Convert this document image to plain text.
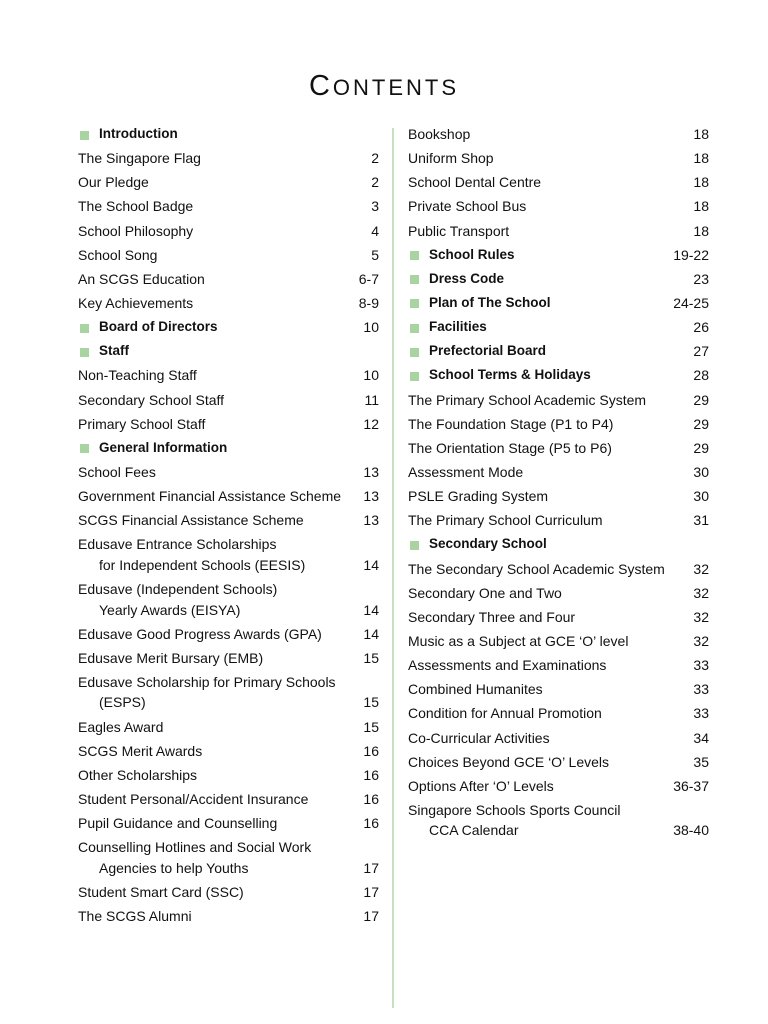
CONTENTS
Introduction
The Singapore Flag	2
Our Pledge	2
The School Badge	3
School Philosophy	4
School Song	5
An SCGS Education	6-7
Key Achievements	8-9
Board of Directors	10
Staff
Non-Teaching Staff	10
Secondary School Staff	11
Primary School Staff	12
General Information
School Fees	13
Government Financial Assistance Scheme 13
SCGS Financial Assistance Scheme	13
Edusave Entrance Scholarships
for Independent Schools (EESIS)	14
Edusave (Independent Schools)
Yearly Awards (EISYA)	14
Edusave Good Progress Awards (GPA)	14
Edusave Merit Bursary (EMB)	15
Edusave Scholarship for Primary Schools
(ESPS)	15
Eagles Award	15
SCGS Merit Awards	16
Other Scholarships	16
Student Personal/Accident Insurance	16
Pupil Guidance and Counselling	16
Counselling Hotlines and Social Work
Agencies to help Youths	17
Student Smart Card (SSC)	17
The SCGS Alumni	17
Bookshop	18
Uniform Shop	18
School Dental Centre	18
Private School Bus	18
Public Transport	18
School Rules	19-22
Dress Code	23
Plan of The School	24-25
Facilities	26
Prefectorial Board	27
School Terms & Holidays	28
The Primary School Academic System	29
The Foundation Stage (P1 to P4)	29
The Orientation Stage (P5 to P6)	29
Assessment Mode	30
PSLE Grading System	30
The Primary School Curriculum	31
Secondary School
The Secondary School Academic System	32
Secondary One and Two	32
Secondary Three and Four	32
Music as a Subject at GCE ‘O’ level	32
Assessments and Examinations	33
Combined Humanites	33
Condition for Annual Promotion	33
Co-Curricular Activities	34
Choices Beyond GCE ‘O’ Levels	35
Options After ‘O’ Levels	36-37
Singapore Schools Sports Council
CCA Calendar	38-40
